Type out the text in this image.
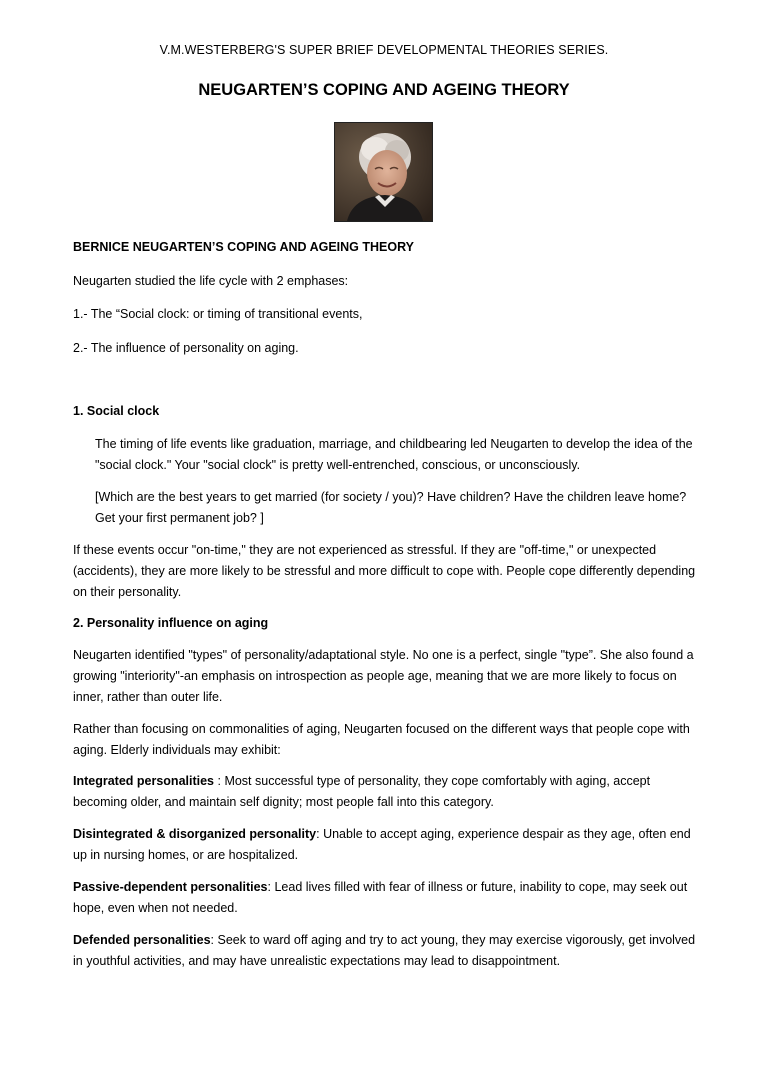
V.M.WESTERBERG'S SUPER BRIEF DEVELOPMENTAL THEORIES SERIES.
NEUGARTEN’S COPING AND AGEING THEORY
BERNICE NEUGARTEN’S COPING AND AGEING THEORY
Neugarten studied the life cycle with 2 emphases:
1.- The “Social clock: or timing of transitional events,
2.- The influence of personality on aging.
1. Social clock
The timing of life events like graduation, marriage, and childbearing led Neugarten to develop the idea of the "social clock." Your "social clock" is pretty well-entrenched, conscious, or unconsciously.
[Which are the best years to get married (for society / you)? Have children? Have the children leave home? Get your first permanent job? ]
If these events occur "on-time," they are not experienced as stressful. If they are "off-time," or unexpected (accidents), they are more likely to be stressful and more difficult to cope with. People cope differently depending on their personality.
2. Personality influence on aging
Neugarten identified "types" of personality/adaptational style. No one is a perfect, single "type”. She also found a growing "interiority"-an emphasis on introspection as people age, meaning that we are more likely to focus on inner, rather than outer life.
Rather than focusing on commonalities of aging, Neugarten focused on the different ways that people cope with aging. Elderly individuals may exhibit:
Integrated personalities : Most successful type of personality, they cope comfortably with aging, accept becoming older, and maintain self dignity; most people fall into this category.
Disintegrated & disorganized personality: Unable to accept aging, experience despair as they age, often end up in nursing homes, or are hospitalized.
Passive-dependent personalities: Lead lives filled with fear of illness or future, inability to cope, may seek out hope, even when not needed.
Defended personalities: Seek to ward off aging and try to act young, they may exercise vigorously, get involved in youthful activities, and may have unrealistic expectations may lead to disappointment.
